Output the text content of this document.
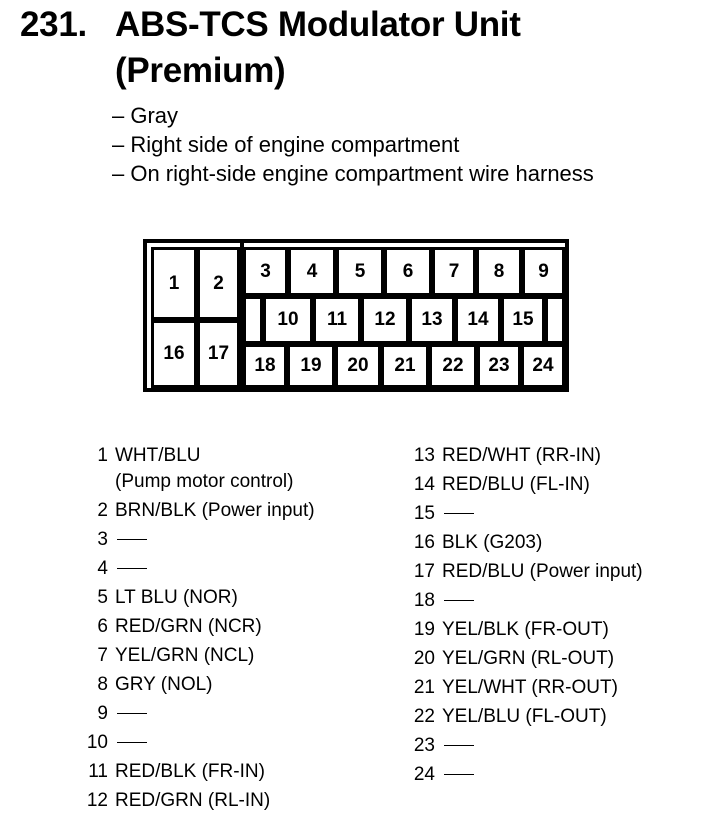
231. ABS-TCS Modulator Unit
(Premium)
– Gray
– Right side of engine compartment
– On right-side engine compartment wire harness
1	2
16	17
3	4	5	6	7	8	9
10	11	12	13	14	15
18	19	20	21	22	23	24
1 WHT/BLU
(Pump motor control)
2 BRN/BLK (Power input)
3
4
5 LT BLU (NOR)
6 RED/GRN (NCR)
7 YEL/GRN (NCL)
8 GRY (NOL)
9
10
11 RED/BLK (FR-IN)
12 RED/GRN (RL-IN)
13 RED/WHT (RR-IN)
14 RED/BLU (FL-IN)
15
16 BLK (G203)
17 RED/BLU (Power input)
18
19 YEL/BLK (FR-OUT)
20 YEL/GRN (RL-OUT)
21 YEL/WHT (RR-OUT)
22 YEL/BLU (FL-OUT)
23
24
